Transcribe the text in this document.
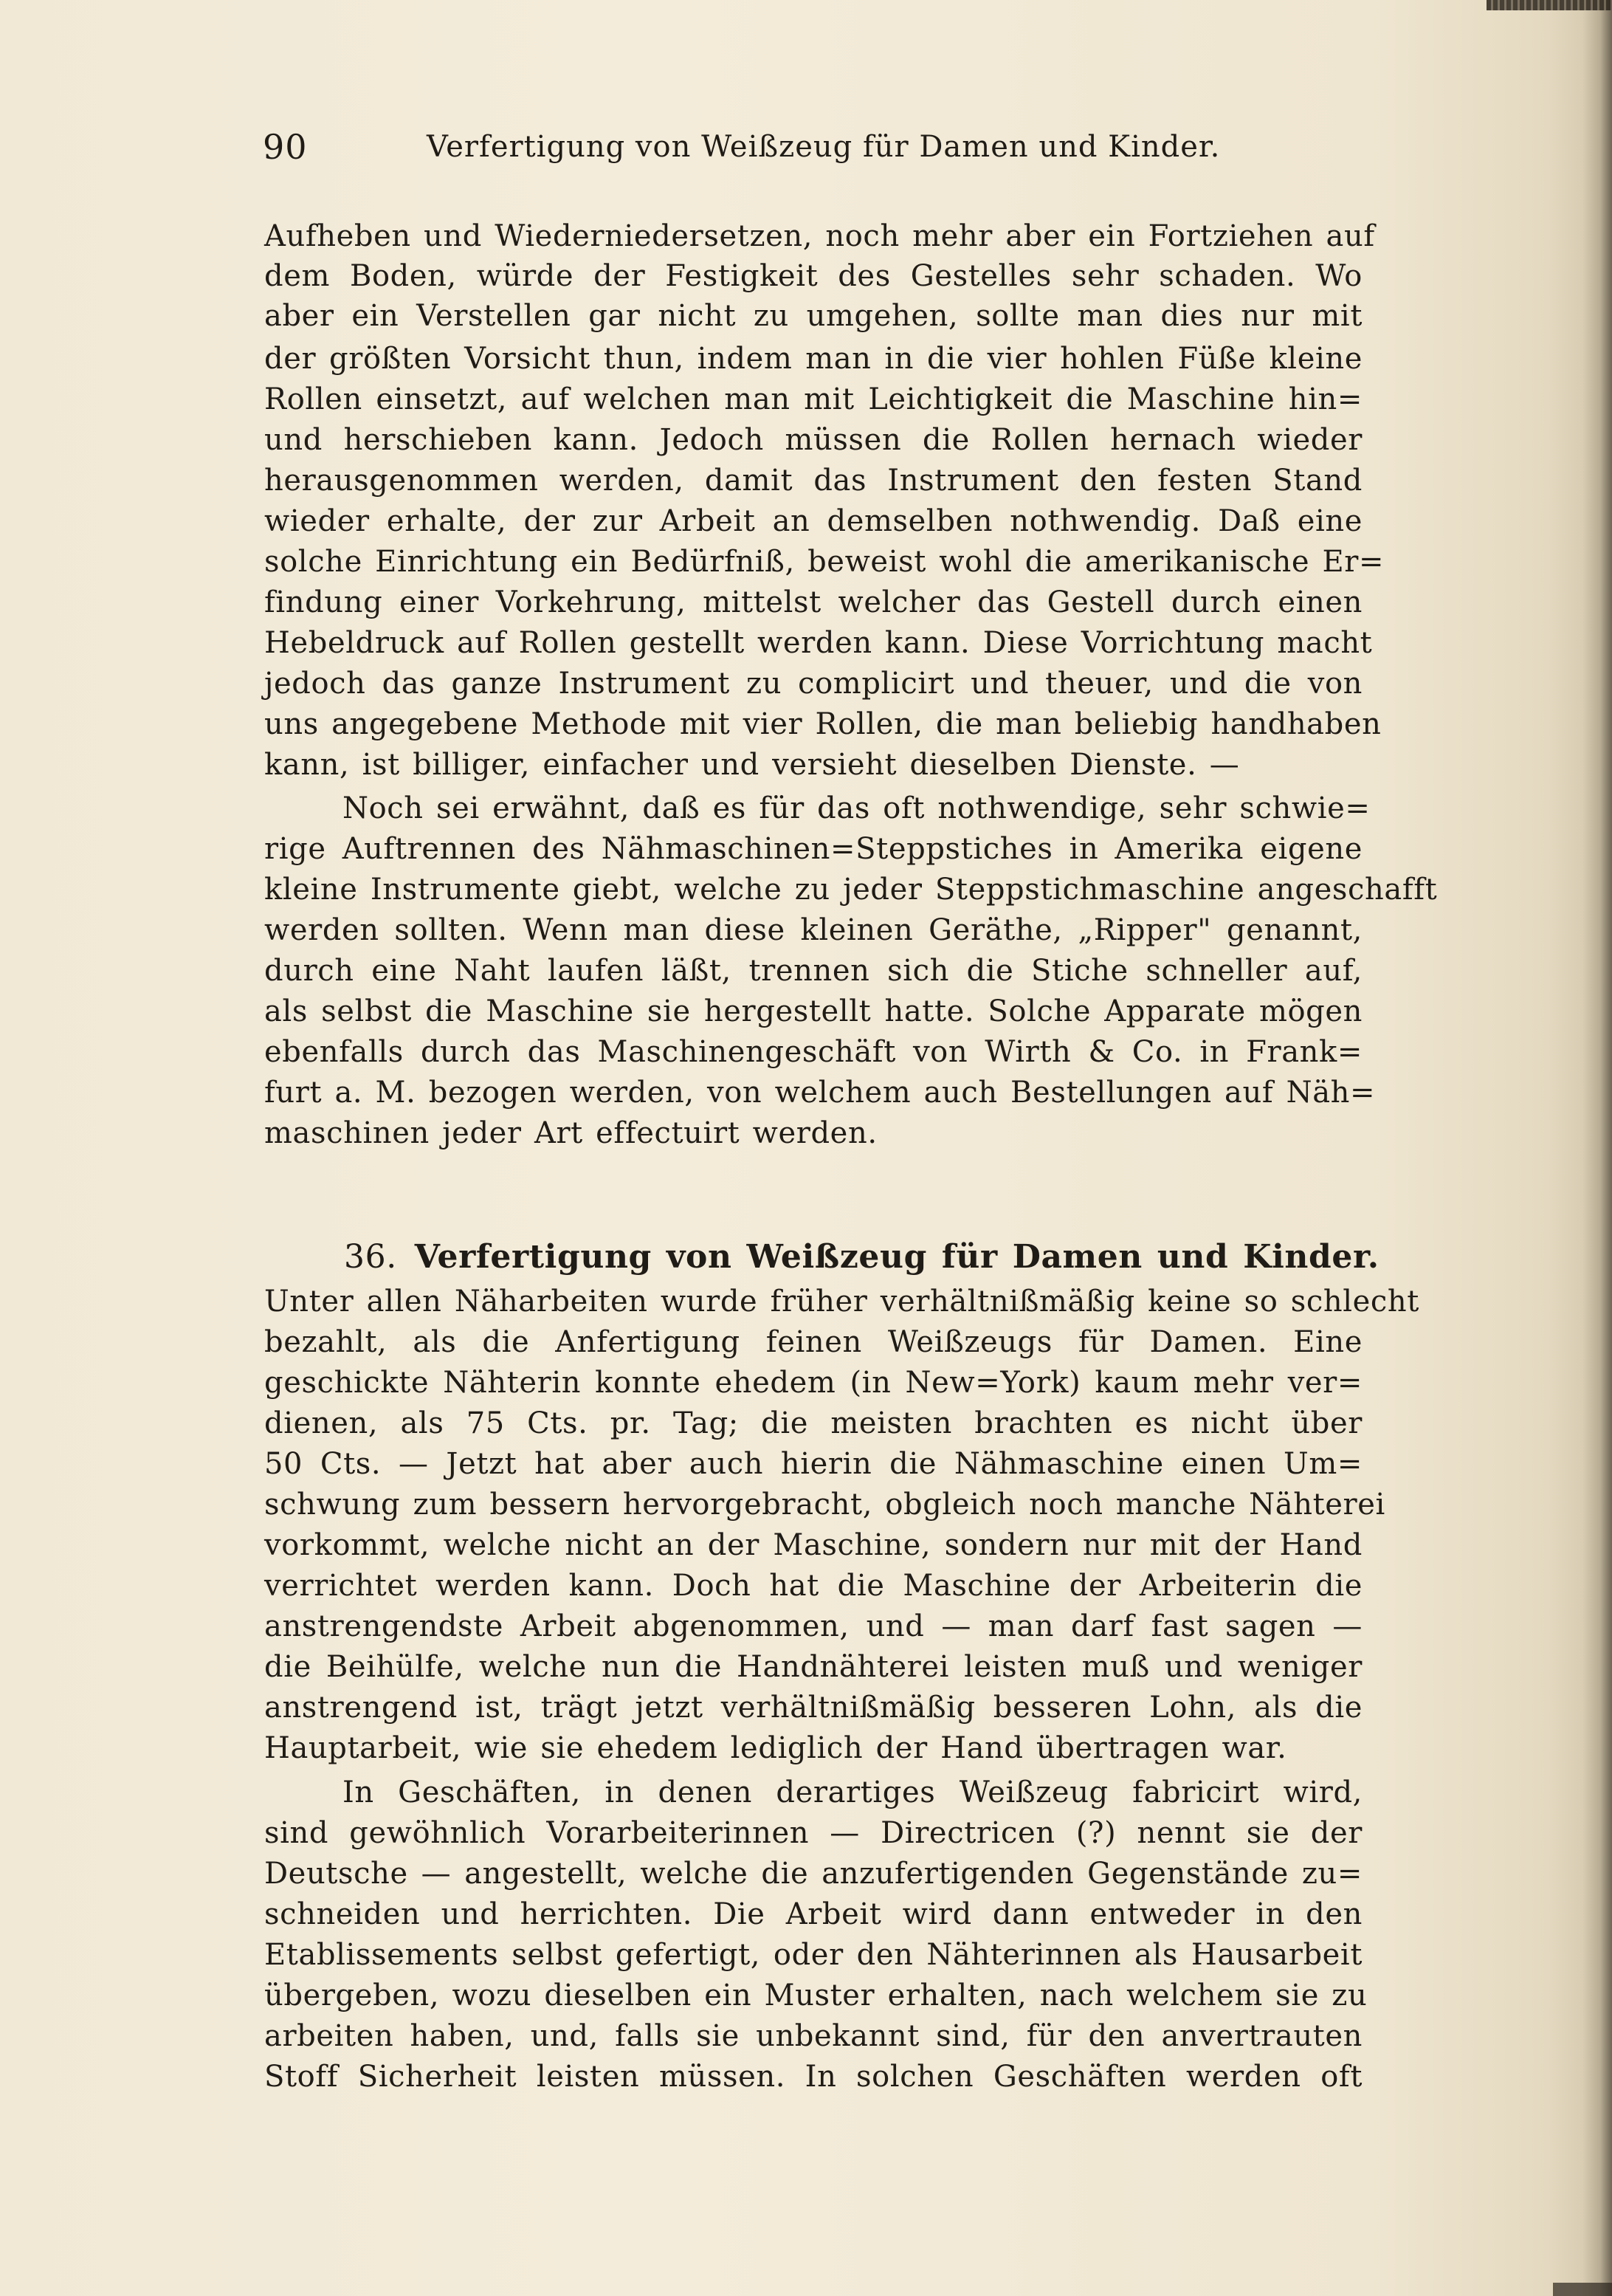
90	Verfertigung von Weißzeug für Damen und Kinder.
Aufheben und Wiederniedersetzen, noch mehr aber ein Fortziehen auf
dem Boden, würde der Festigkeit des Gestelles sehr schaden. Wo
aber ein Verstellen gar nicht zu umgehen, sollte man dies nur mit
der größten Vorsicht thun, indem man in die vier hohlen Füße kleine
Rollen einsetzt, auf welchen man mit Leichtigkeit die Maschine hin=
und herschieben kann. Jedoch müssen die Rollen hernach wieder
herausgenommen werden, damit das Instrument den festen Stand
wieder erhalte, der zur Arbeit an demselben nothwendig. Daß eine
solche Einrichtung ein Bedürfniß, beweist wohl die amerikanische Er=
findung einer Vorkehrung, mittelst welcher das Gestell durch einen
Hebeldruck auf Rollen gestellt werden kann. Diese Vorrichtung macht
jedoch das ganze Instrument zu complicirt und theuer, und die von
uns angegebene Methode mit vier Rollen, die man beliebig handhaben
kann, ist billiger, einfacher und versieht dieselben Dienste. —
Noch sei erwähnt, daß es für das oft nothwendige, sehr schwie=
rige Auftrennen des Nähmaschinen=Steppstiches in Amerika eigene
kleine Instrumente giebt, welche zu jeder Steppstichmaschine angeschafft
werden sollten. Wenn man diese kleinen Geräthe, „Ripper" genannt,
durch eine Naht laufen läßt, trennen sich die Stiche schneller auf,
als selbst die Maschine sie hergestellt hatte. Solche Apparate mögen
ebenfalls durch das Maschinengeschäft von Wirth & Co. in Frank=
furt a. M. bezogen werden, von welchem auch Bestellungen auf Näh=
maschinen jeder Art effectuirt werden.
36. Verfertigung von Weißzeug für Damen und Kinder.
Unter allen Näharbeiten wurde früher verhältnißmäßig keine so schlecht
bezahlt, als die Anfertigung feinen Weißzeugs für Damen. Eine
geschickte Nähterin konnte ehedem (in New=York) kaum mehr ver=
dienen, als 75 Cts. pr. Tag; die meisten brachten es nicht über
50 Cts. — Jetzt hat aber auch hierin die Nähmaschine einen Um=
schwung zum bessern hervorgebracht, obgleich noch manche Nähterei
vorkommt, welche nicht an der Maschine, sondern nur mit der Hand
verrichtet werden kann. Doch hat die Maschine der Arbeiterin die
anstrengendste Arbeit abgenommen, und — man darf fast sagen —
die Beihülfe, welche nun die Handnähterei leisten muß und weniger
anstrengend ist, trägt jetzt verhältnißmäßig besseren Lohn, als die
Hauptarbeit, wie sie ehedem lediglich der Hand übertragen war.
In Geschäften, in denen derartiges Weißzeug fabricirt wird,
sind gewöhnlich Vorarbeiterinnen — Directricen (?) nennt sie der
Deutsche — angestellt, welche die anzufertigenden Gegenstände zu=
schneiden und herrichten. Die Arbeit wird dann entweder in den
Etablissements selbst gefertigt, oder den Nähterinnen als Hausarbeit
übergeben, wozu dieselben ein Muster erhalten, nach welchem sie zu
arbeiten haben, und, falls sie unbekannt sind, für den anvertrauten
Stoff Sicherheit leisten müssen. In solchen Geschäften werden oft
